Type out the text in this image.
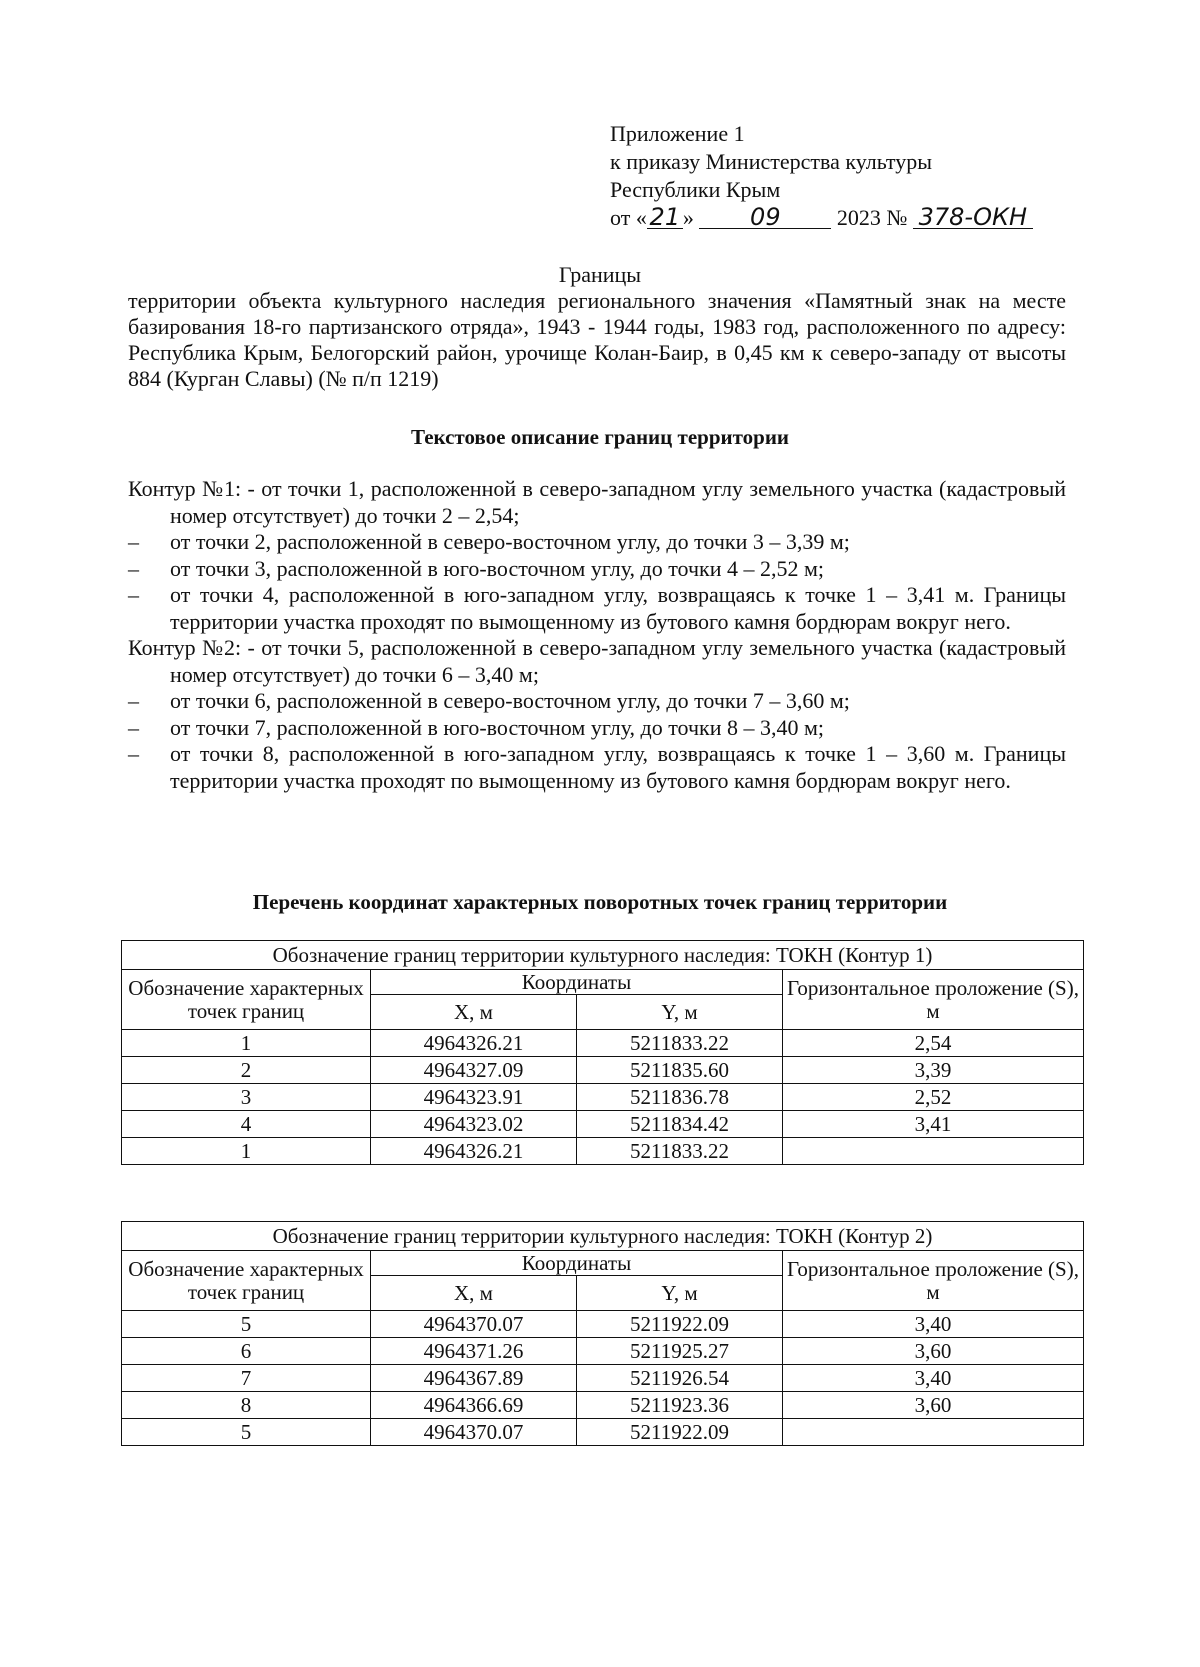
Приложение 1
к приказу Министерства культуры
Республики Крым
от « 21 » 09	2023 № 378-ОКН
Границы
территории объекта культурного наследия регионального значения «Памятный знак на месте базирования 18-го партизанского отряда», 1943 - 1944 годы, 1983 год, расположенного по адресу: Республика Крым, Белогорский район, урочище Колан-Баир, в 0,45 км к северо-западу от высоты 884 (Курган Славы) (№ п/п 1219)
Текстовое описание границ территории
Контур №1: - от точки 1, расположенной в северо-западном углу земельного участка (кадастровый номер отсутствует) до точки 2 – 2,54;
– от точки 2, расположенной в северо-восточном углу, до точки 3 – 3,39 м;
– от точки 3, расположенной в юго-восточном углу, до точки 4 – 2,52 м;
– от точки 4, расположенной в юго-западном углу, возвращаясь к точке 1 – 3,41 м. Границы территории участка проходят по вымощенному из бутового камня бордюрам вокруг него.
Контур №2: - от точки 5, расположенной в северо-западном углу земельного участка (кадастровый номер отсутствует) до точки 6 – 3,40 м;
– от точки 6, расположенной в северо-восточном углу, до точки 7 – 3,60 м;
– от точки 7, расположенной в юго-восточном углу, до точки 8 – 3,40 м;
– от точки 8, расположенной в юго-западном углу, возвращаясь к точке 1 – 3,60 м. Границы территории участка проходят по вымощенному из бутового камня бордюрам вокруг него.
Перечень координат характерных поворотных точек границ территории
Обозначение границ территории культурного наследия: ТОКН (Контур 1)			
Обозначение характерных точек границ	Координаты		Горизонтальное проложение (S), м
	X, м	Y, м	
1	4964326.21	5211833.22	2,54
2	4964327.09	5211835.60	3,39
3	4964323.91	5211836.78	2,52
4	4964323.02	5211834.42	3,41
1	4964326.21	5211833.22	
Обозначение границ территории культурного наследия: ТОКН (Контур 2)			
Обозначение характерных точек границ	Координаты		Горизонтальное проложение (S), м
	X, м	Y, м	
5	4964370.07	5211922.09	3,40
6	4964371.26	5211925.27	3,60
7	4964367.89	5211926.54	3,40
8	4964366.69	5211923.36	3,60
5	4964370.07	5211922.09	
